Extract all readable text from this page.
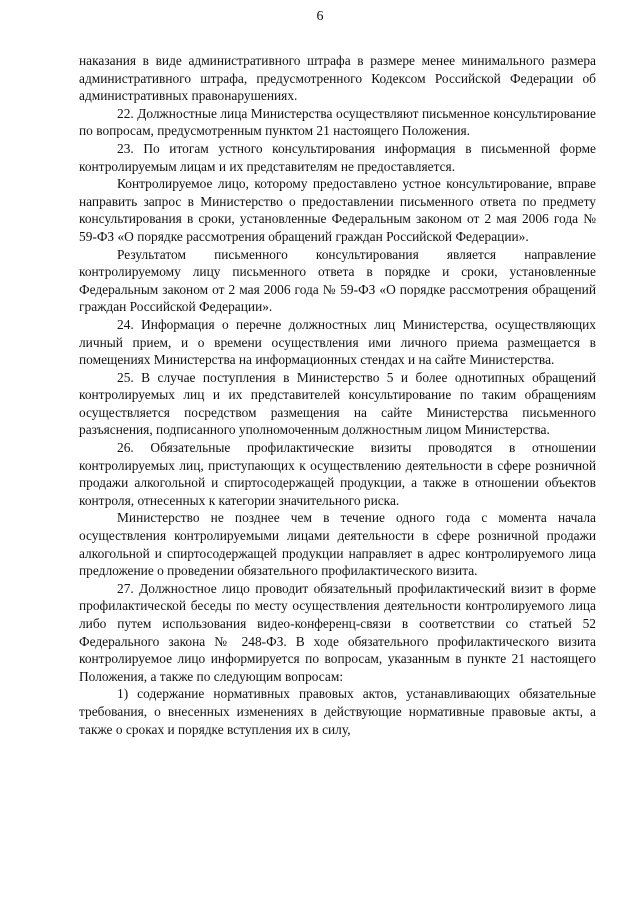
6

наказания в виде административного штрафа в размере менее минимального размера административного штрафа, предусмотренного Кодексом Российской Федерации об административных правонарушениях.

22. Должностные лица Министерства осуществляют письменное консультирование по вопросам, предусмотренным пунктом 21 настоящего Положения.

23. По итогам устного консультирования информация в письменной форме контролируемым лицам и их представителям не предоставляется.

Контролируемое лицо, которому предоставлено устное консультирование, вправе направить запрос в Министерство о предоставлении письменного ответа по предмету консультирования в сроки, установленные Федеральным законом от 2 мая 2006 года № 59-ФЗ «О порядке рассмотрения обращений граждан Российской Федерации».

Результатом письменного консультирования является направление контролируемому лицу письменного ответа в порядке и сроки, установленные Федеральным законом от 2 мая 2006 года № 59-ФЗ «О порядке рассмотрения обращений граждан Российской Федерации».

24. Информация о перечне должностных лиц Министерства, осуществляющих личный прием, и о времени осуществления ими личного приема размещается в помещениях Министерства на информационных стендах и на сайте Министерства.

25. В случае поступления в Министерство 5 и более однотипных обращений контролируемых лиц и их представителей консультирование по таким обращениям осуществляется посредством размещения на сайте Министерства письменного разъяснения, подписанного уполномоченным должностным лицом Министерства.

26. Обязательные профилактические визиты проводятся в отношении контролируемых лиц, приступающих к осуществлению деятельности в сфере розничной продажи алкогольной и спиртосодержащей продукции, а также в отношении объектов контроля, отнесенных к категории значительного риска.

Министерство не позднее чем в течение одного года с момента начала осуществления контролируемыми лицами деятельности в сфере розничной продажи алкогольной и спиртосодержащей продукции направляет в адрес контролируемого лица предложение о проведении обязательного профилактического визита.

27. Должностное лицо проводит обязательный профилактический визит в форме профилактической беседы по месту осуществления деятельности контролируемого лица либо путем использования видео-конференц-связи в соответствии со статьей 52 Федерального закона № 248-ФЗ. В ходе обязательного профилактического визита контролируемое лицо информируется по вопросам, указанным в пункте 21 настоящего Положения, а также по следующим вопросам:

1) содержание нормативных правовых актов, устанавливающих обязательные требования, о внесенных изменениях в действующие нормативные правовые акты, а также о сроках и порядке вступления их в силу,
